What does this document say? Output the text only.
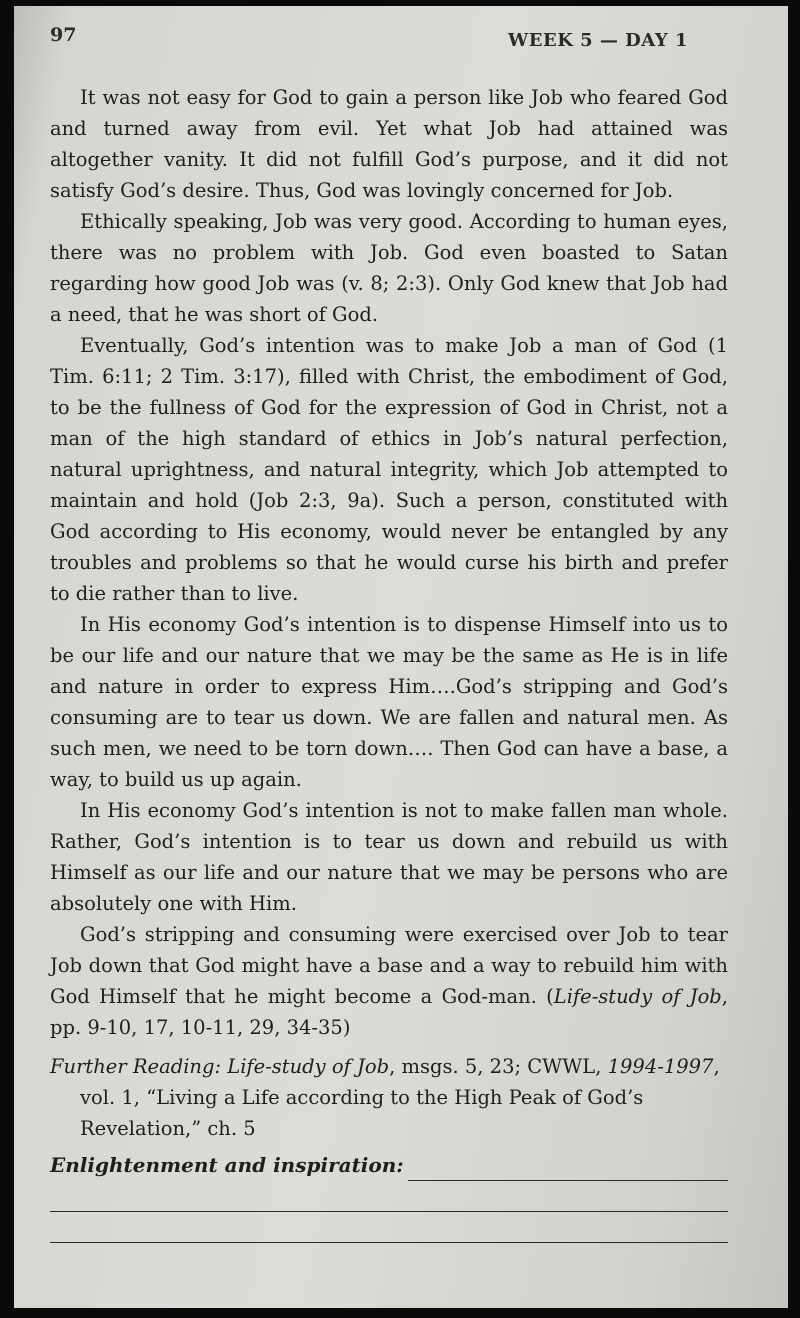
97	WEEK 5 — DAY 1

It was not easy for God to gain a person like Job who feared God and turned away from evil. Yet what Job had attained was altogether vanity. It did not fulfill God’s purpose, and it did not satisfy God’s desire. Thus, God was lovingly concerned for Job.

Ethically speaking, Job was very good. According to human eyes, there was no problem with Job. God even boasted to Satan regarding how good Job was (v. 8; 2:3). Only God knew that Job had a need, that he was short of God.

Eventually, God’s intention was to make Job a man of God (1 Tim. 6:11; 2 Tim. 3:17), filled with Christ, the embodiment of God, to be the fullness of God for the expression of God in Christ, not a man of the high standard of ethics in Job’s natural perfection, natural uprightness, and natural integrity, which Job attempted to maintain and hold (Job 2:3, 9a). Such a person, constituted with God according to His economy, would never be entangled by any troubles and problems so that he would curse his birth and prefer to die rather than to live.

In His economy God’s intention is to dispense Himself into us to be our life and our nature that we may be the same as He is in life and nature in order to express Him….God’s stripping and God’s consuming are to tear us down. We are fallen and natural men. As such men, we need to be torn down…. Then God can have a base, a way, to build us up again.

In His economy God’s intention is not to make fallen man whole. Rather, God’s intention is to tear us down and rebuild us with Himself as our life and our nature that we may be persons who are absolutely one with Him.

God’s stripping and consuming were exercised over Job to tear Job down that God might have a base and a way to rebuild him with God Himself that he might become a God-man. (Life-study of Job, pp. 9-10, 17, 10-11, 29, 34-35)

Further Reading: Life-study of Job, msgs. 5, 23; CWWL, 1994-1997, vol. 1, “Living a Life according to the High Peak of God’s Revelation,” ch. 5
Enlightenment and inspiration:
